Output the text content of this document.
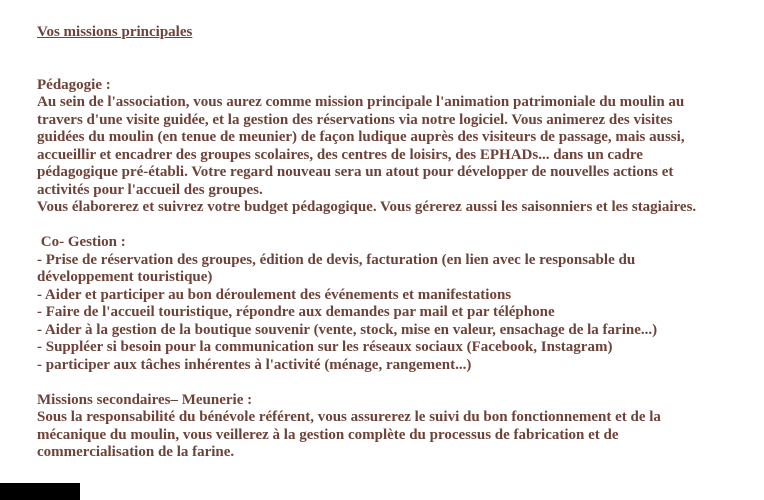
Vos missions principales

Pédagogie :
Au sein de l'association, vous aurez comme mission principale l'animation patrimoniale du moulin au
travers d'une visite guidée, et la gestion des réservations via notre logiciel. Vous animerez des visites
guidées du moulin (en tenue de meunier) de façon ludique auprès des visiteurs de passage, mais aussi,
accueillir et encadrer des groupes scolaires, des centres de loisirs, des EPHADs... dans un cadre
pédagogique pré-établi. Votre regard nouveau sera un atout pour développer de nouvelles actions et
activités pour l'accueil des groupes.
Vous élaborerez et suivrez votre budget pédagogique. Vous gérerez aussi les saisonniers et les stagiaires.

Co- Gestion :
- Prise de réservation des groupes, édition de devis, facturation (en lien avec le responsable du
développement touristique)
- Aider et participer au bon déroulement des événements et manifestations
- Faire de l'accueil touristique, répondre aux demandes par mail et par téléphone
- Aider à la gestion de la boutique souvenir (vente, stock, mise en valeur, ensachage de la farine...)
- Suppléer si besoin pour la communication sur les réseaux sociaux (Facebook, Instagram)
- participer aux tâches inhérentes à l'activité (ménage, rangement...)

Missions secondaires– Meunerie :
Sous la responsabilité du bénévole référent, vous assurerez le suivi du bon fonctionnement et de la
mécanique du moulin, vous veillerez à la gestion complète du processus de fabrication et de
commercialisation de la farine.
